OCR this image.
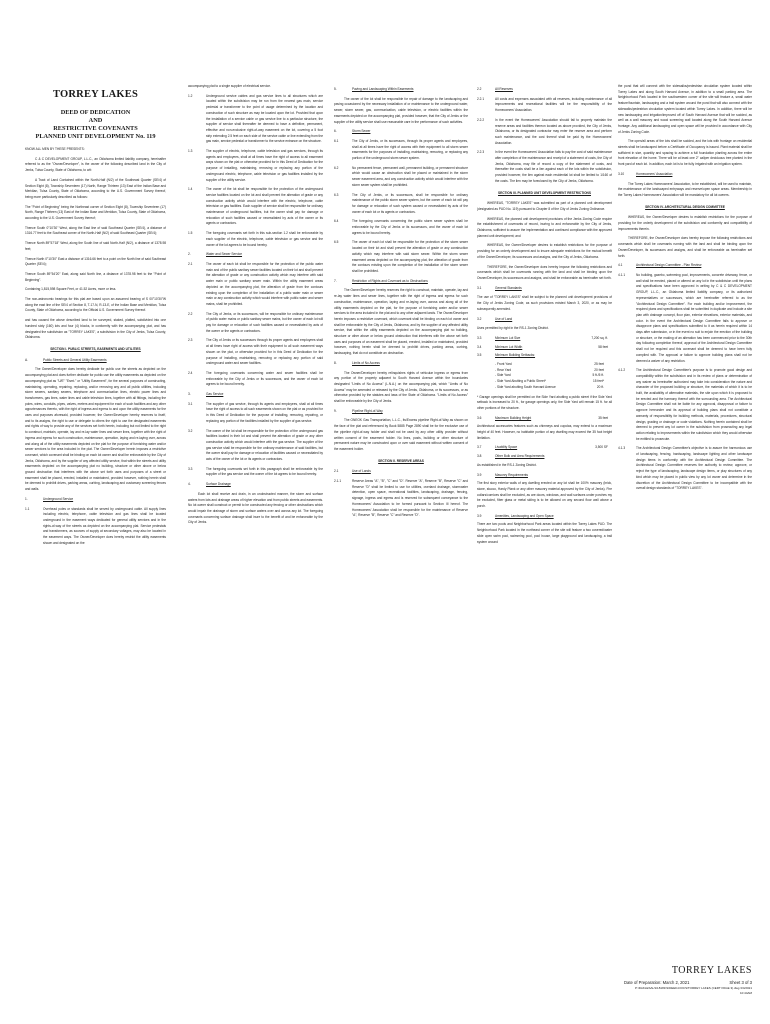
TORREY LAKES
DEED OF DEDICATION
AND
RESTRICTIVE COVENANTS
PLANNED UNIT DEVELOPMENT No. 119

KNOW ALL MEN BY THESE PRESENTS:

C & C DEVELOPMENT GROUP, L.L.C., an Oklahoma limited liability company, hereinafter referred to as the "Owner/Developer", is the owner of the following described land in the City of Jenks, Tulsa County, State of Oklahoma, to wit:

A Tract of Land Contained within the North-Half (N/2) of the Southeast Quarter (SE/4) of Section Eight (8), Township Seventeen (17) North, Range Thirteen (13) East of the Indian Base and Meridian, Tulsa County, State of Oklahoma, according to the U.S. Government Survey thereof, being more particularly described as follows:

The "Point of Beginning" being the Northeast corner of Section Eight (8), Township Seventeen (17) North, Range Thirteen (13) East of the Indian Base and Meridian, Tulsa County, State of Oklahoma, according to the U.S. Government Survey thereof;

Thence South 0°10'30" West, along the East line of said Southeast Quarter (SE/4), a distance of 1316.77 feet to the Southeast corner of the North-Half (N/2) of said Southeast Quarter (SE/4);

Thence North 89°57'18" West, along the South line of said North-Half (N/2), a distance of 1378.98 feet;

Thence North 0°10'30" East a distance of 1316.66 feet to a point on the North line of said Southeast Quarter (SE/4);

Thence South 89°54'20" East, along said North line, a distance of 1378.98 feet to the "Point of Beginning".

Containing 1,815,598 Square Feet, or 41.52 Acres, more or less.

The non-astronomic bearings for this plat are based upon an assumed bearing of S 00°10'30"W along the east line of the SE/4 of Section 8, T-17-N, R-13-E, of the Indian Base and Meridian, Tulsa County, State of Oklahoma, according to the Official U.S. Government Survey thereof.

and has caused the above described land to be surveyed, staked, platted, subdivided into one hundred sixty (160) lots and four (4) blocks, in conformity with the accompanying plat, and has designated the subdivision as "TORREY LAKES", a subdivision in the City of Jenks, Tulsa County, Oklahoma.

SECTION I. PUBLIC STREETS, EASEMENTS AND UTILITIES
A.	Public Streets and General Utility Easements

The Owner/Developer does hereby dedicate for public use the streets as depicted on the accompanying plat and does further dedicate for public use the utility easements as depicted on the accompanying plat as "U/E" "Esmt." or "Utility Easement", for the several purposes of constructing, maintaining, operating, repairing, replacing, and/or removing any and all public utilities, including storm sewers, sanitary sewers, telephone and communication lines, electric power lines and transformers, gas lines, water lines and cable television lines, together with all fittings, including the poles, wires, conduits, pipes, valves, meters and equipment for each of such facilities and any other appurtenances thereto, with the right of ingress and egress to and upon the utility easements for the uses and purposes aforesaid, provided however, the Owner/Developer hereby reserves to itself, and to its assigns, the right to use or delegate to others the right to use the designated easements and rights of way to provide any of the services set forth herein, including but not limited to the right to construct, maintain, operate, lay and re-lay water lines and sewer lines, together with the right of ingress and egress for such construction, maintenance, operation, laying and re-laying over, across and along all of the utility easements depicted on the plat for the purpose of furnishing water and/or sewer services to the area included in the plat. The Owner/Developer herein imposes a restrictive covenant, which covenant shall be binding on each lot owner and shall be enforceable by the City of Jenks, Oklahoma, and by the supplier of any affected utility service, that within the streets and utility easements depicted on the accompanying plat no building, structure or other above or below ground obstruction that interferes with the above set forth uses and purposes of a street or easement shall be placed, erected, installed or maintained, provided however, nothing herein shall be deemed to prohibit drives, parking areas, curbing, landscaping and customary screening fences and walls.

1.	Underground Service
1.1	Overhead poles or standards shall be served by underground cable. All supply lines including electric, telephone, cable television and gas lines shall be located underground in the easement ways dedicated for general utility services and in the rights-of-way of the streets as depicted on the accompanying plat. Service pedestals and transformers, as sources of supply at secondary voltages, may also be located in the easement ways. The Owner/Developer does hereby restrict the utility easements shown and designated on the

accompanying plat to a single supplier of electrical service.

1.2	Underground service cables and gas service lines to all structures which are located within the subdivision may be run from the nearest gas main, service pedestal or transformer to the point of usage determined by the location and construction of such structure as may be located upon the lot. Provided that upon the installation of a service cable or gas service line to a particular structure, the supplier of service shall thereafter be deemed to have a definitive, permanent, effective and non-exclusive right-of-way easement on the lot, covering a 5 foot strip extending 2.5 feet on each side of the service cable or line extending from the gas main, service pedestal or transformer to the service entrance on the structure.
1.3	The supplier of electric, telephone, cable television and gas services, through its agents and employees, shall at all times have the right of access to all easement ways shown on the plat or otherwise provided for in this Deed of Dedication for the purpose of installing, maintaining, removing or replacing any portion of the underground electric, telephone, cable television or gas facilities installed by the supplier of the utility service.
1.4	The owner of the lot shall be responsible for the protection of the underground service facilities located on the lot and shall prevent the alteration of grade or any construction activity which would interfere with the electric, telephone, cable television or gas facilities. Each supplier of service shall be responsible for ordinary maintenance of underground facilities, but the owner shall pay for damage or relocation of such facilities caused or necessitated by acts of the owner or its agents or contractors.
1.5	The foregoing covenants set forth in this sub-section 1.2 shall be enforceable by each supplier of the electric, telephone, cable television or gas service and the owner of the lot agrees to be bound hereby.
2.	Water and Sewer Service
2.1	The owner of each lot shall be responsible for the protection of the public water main and of the public sanitary sewer facilities located on their lot and shall prevent the alteration of grade or any construction activity which may interfere with said water main or public sanitary sewer main. Within the utility easement areas depicted on the accompanying plat, the alteration of grade from the contours existing upon the completion of the installation of a public water main or sewer main or any construction activity which would interfere with public water and sewer mains, shall be prohibited.
2.2	The City of Jenks, or its successors, will be responsible for ordinary maintenance of public water mains or public sanitary sewer mains, but the owner of each lot will pay for damage or relocation of such facilities caused or necessitated by acts of the owner or the agents or contractors.
2.3	The City of Jenks or its successors through its proper agents and employees shall at all times have right of access with their equipment to all such easement ways shown on the plat, or otherwise provided for in this Deed of Dedication for the purpose of installing, maintaining, removing or replacing any portion of said underground water and sewer facilities.
2.4	The foregoing covenants concerning water and sewer facilities shall be enforceable by the City of Jenks or its successors, and the owner of each lot agrees to be bound hereby.
3.	Gas Service
3.1	The supplier of gas service, through its agents and employees, shall at all times have the right of access to all such easements shown on the plat or as provided for in this Deed of Dedication for the purpose of installing, removing, repairing, or replacing any portion of the facilities installed by the supplier of gas service.
3.2	The owner of the lot shall be responsible for the protection of the underground gas facilities located in their lot and shall prevent the alteration of grade or any other construction activity which would interfere with the gas service. The supplier of the gas service shall be responsible for the ordinary maintenance of said facilities, but the owner shall pay for damage or relocation of facilities caused or necessitated by acts of the owner of the lot or its agents or contractors.
3.3	The foregoing covenants set forth in this paragraph shall be enforceable by the supplier of the gas service and the owner of the lot agrees to be bound hereby.
4.	Surface Drainage

Each lot shall receive and drain, in an unobstructed manner, the storm and surface waters from lots and drainage areas of higher elevation and from public streets and easements. No lot owner shall construct or permit to be constructed any fencing or other obstructions which would impair the drainage of storm and surface waters over and across any lot. The foregoing covenants concerning surface drainage shall inure to the benefit of and be enforceable by the City of Jenks.

5.	Paving and Landscaping Within Easements

The owner of the lot shall be responsible for repair of damage to the landscaping and paving occasioned by the necessary installation of or maintenance to the underground water, sewer, storm sewer, gas, communication, cable television, or electric facilities within the easements depicted on the accompanying plat, provided however, that the City of Jenks or the supplier of the utility service shall use reasonable care in the performance of such activities.

6.	Storm Sewer
6.1	The City of Jenks, or its successors, through its proper agents and employees, shall at all times have the right of access with their equipment to all storm sewer easements for the purposes of installing, maintaining, removing, or replacing any portion of the underground storm sewer system.
6.2	No permanent fence, permanent wall, permanent building, or permanent structure which would cause an obstruction shall be placed or maintained in the storm sewer easement area, and any construction activity which would interfere with the storm sewer system shall be prohibited.
6.3	The City of Jenks, or its successors, shall be responsible for ordinary maintenance of the public storm sewer system, but the owner of each lot will pay for damage or relocation of such system caused or necessitated by acts of the owner of each lot or its agents or contractors.
6.4	The foregoing covenants concerning the public storm sewer system shall be enforceable by the City of Jenks or its successors, and the owner of each lot agrees to be bound hereby.
6.5	The owner of each lot shall be responsible for the protection of the storm sewer located on their lot and shall prevent the alteration of grade or any construction activity which may interfere with said storm sewer. Within the storm sewer easement areas depicted on the accompanying plat, the alteration of grade from the contours existing upon the completion of the installation of the storm sewer shall be prohibited.
7.	Restriction of Rights and Covenant as to Obstructions

The Owner/Developer hereby reserves the right to construct, maintain, operate, lay and re-lay water lines and sewer lines, together with the right of ingress and egress for such construction, maintenance, operation, laying and re-laying over, across and along all of the utility easements depicted on the plat, for the purpose of furnishing water and/or sewer services to the area included in the plat and to any other adjacent lands. The Owner/Developer herein imposes a restrictive covenant, which covenant shall be binding on each lot owner and shall be enforceable by the City of Jenks, Oklahoma, and by the supplier of any affected utility service, that within the utility easements depicted on the accompanying plat no building, structure or other above or below ground obstruction that interferes with the above set forth uses and purposes of an easement shall be placed, erected, installed or maintained, provided however, nothing herein shall be deemed to prohibit drives, parking areas, curbing, landscaping, that do not constitute an obstruction.

8.	Limits of No Access

The Owner/Developer hereby relinquishes rights of vehicular ingress or egress from any portion of the property adjacent to South Harvard Avenue within the boundaries designated "Limits of No Access" (L.N.A.) on the accompanying plat, which "Limits of No Access" may be amended or released by the City of Jenks, Oklahoma, or its successors, or as otherwise provided by the statutes and laws of the State of Oklahoma. "Limits of No Access" shall be enforceable by the City of Jenks.

9.	Pipeline Right-of-Way

The ONEOK Gas Transportation, L.L.C., its/Excess pipeline Right-of-Way as shown on the face of the plat and referenced by Book 5885 Page 2890 shall be for the exclusive use of the pipeline right-of-way holder and shall not be used by any other utility provider without written consent of the easement holder. No lines, posts, building or other structure of permanent nature may be constructed upon or over said easement without written consent of the easement holder.

SECTION II. RESERVE AREAS
2.1	Use of Lands
2.1.1	Reserve Areas "A", "B", "C" and "D". Reserve "A", Reserve "B", Reserve "C" and Reserve "D" shall be limited to use for utilities, overland drainage, stormwater detention, open space, recreational facilities, landscaping, drainage, fencing, signage, ingress and egress and is reserved for subsequent conveyance to the Homeowners' Association to be formed pursuant to Section III hereof. The Homeowners' Association shall be responsible for the maintenance of Reserve "A", Reserve "B", Reserve "C" and Reserve "D".
2.2	All Reserves
2.2.1	All costs and expenses associated with all reserves, including maintenance of all improvements and recreational facilities will be the responsibility of the Homeowners' Association.
2.2.2	In the event the Homeowners' Association should fail to properly maintain the reserve areas and facilities thereon located as above provided, the City of Jenks, Oklahoma, or its designated contractor may enter the reserve area and perform such maintenance, and the cost thereof shall be paid by the Homeowners' Association.
2.2.3	In the event the Homeowners' Association fails to pay the cost of said maintenance after completion of the maintenance and receipt of a statement of costs, the City of Jenks, Oklahoma, may file of record a copy of the statement of costs, and thereafter the costs shall be a lien against each of the lots within the subdivision, provided however, the lien against each residential lot shall be limited to 1/160 of the costs. The lien may be foreclosed by the City of Jenks, Oklahoma.
SECTION III. PLANNED UNIT DEVELOPMENT RESTRICTIONS

WHEREAS, "TORREY LAKES" was submitted as part of a planned unit development (designated as PUD No. 119) pursuant to Chapter 8 of the City of Jenks Zoning Ordinance.

WHEREAS, the planned unit development provisions of the Jenks Zoning Code require the establishment of covenants of record, inuring to and enforceable by the City of Jenks, Oklahoma, sufficient to assure the implementation and continued compliance with the approved planned unit development; and

WHEREAS, the Owner/Developer desires to establish restrictions for the purpose of providing for an orderly development and to insure adequate restrictions for the mutual benefit of the Owner/Developer, its successors and assigns, and the City of Jenks, Oklahoma.

THEREFORE, the Owner/Developer does hereby impose the following restrictions and covenants which shall be covenants running with the land and shall be binding upon the Owner/Developer, its successors and assigns, and shall be enforceable as hereinafter set forth.

3.1	General Standards

The use of "TORREY LAKES" shall be subject to the planned unit development provisions of the City of Jenks Zoning Code, as such provisions existed March 3, 2020, or as may be subsequently amended.

3.2	Use of Land

Uses permitted by right in the RS-1 Zoning District.

3.3	Minimum Lot Size	7,200 sq. ft.
3.4	Minimum Lot Width	58 feet
3.5	Minimum Building Setbacks:
- Front Yard	25 feet
- Rear Yard	20 feet
- Side Yard	5 ft./5 ft.
- Side Yard Abutting a Public Street*	15 feet*
- Side Yard abutting South Harvard Avenue	20 ft.

* Garage openings shall be permitted on the Side Yard abutting a public street if the Side Yard setback is increased to 20 ft., for garage openings only, the Side Yard will remain 15 ft. for all other portions of the structure.

3.6	Maximum Building Height	35 feet

Architectural accessories features such as chimneys and cupolas, may extend to a maximum height of 40 feet. However, no habitable portion of any dwelling may exceed the 35 foot height limitation.

3.7	Livability Space	3,500 SF
3.8	Other Bulk and Area Requirements

As established in the RS-1 Zoning District.

3.9	Masonry Requirements

The first story exterior walls of any dwelling erected on any lot shall be 100% masonry (brick, stone, stucco, Hardy Plank or any other masonry material approved by the City of Jenks). Fire collars/cornices shall be excluded, as are doors, windows, and wall surfaces under porches my be excluded, fiber glass or metal siding is to be allowed on any second floor wall above a porch.

3.9	Amenities, Landscaping and Open Space

There are two pools and Neighborhood Park areas located within the Torrey Lakes PUD. The Neighborhood Park located in the northeast corner of the site will feature a two covered/water slide open swim pool, swimming pool, pool house, large playground and landscaping, a trail system around

the pond that will connect with the sidewalks/pedestrian circulation system located within Torrey Lakes and along South Harvard Avenue, in addition to a small parking area. The Neighborhood Park located in the southwestern corner of the site will feature a, small water feature/fountain, landscaping and a trail system around the pond that will also connect with the sidewalks/pedestrian circulation system located within Torrey Lakes. In addition, there will be new landscaping and irrigation/improved off of South Harvard Avenue that will be sodded, as well as a wall masonry and wood screening wall located along the South Harvard Avenue frontage. Any additional landscaping and open space will be provided in accordance with City of Jenks Zoning Code.

The open/all areas of the lots shall be sodded, and the lots with frontage on residential streets shall be landscaped before a Certificate of Occupancy is issued. Plant material shall be sufficient in size, quantity and spacing to achieve a full foundation planting across the entire front elevation of the home. There will be at least one 2" caliper deciduous tree planted in the front yard of each lot. In addition, each lot is to be fully irrigated with an irrigation system.

3.10	Homeowners' Association

The Torrey Lakes Homeowners' Association, to be established, will be used to maintain, the maintenance of the landscaped entryways and reserve/open space areas. Membership in the Torrey Lakes Homeowners' Association will be mandatory for all lot owners.

SECTION IV. ARCHITECTURAL DESIGN COMMITTEE

WHEREAS, the Owner/Developer desires to establish restrictions for the purpose of providing for the orderly development of the subdivision and conformity and compatibility of improvements therein.

THEREFORE, the Owner/Developer does hereby impose the following restrictions and covenants which shall be covenants running with the land and shall be binding upon the Owner/Developer, its successors and assigns, and shall be enforceable as hereinafter set forth.

4.1	Architectural Design Committee - Plan Review
4.1.1	No building, gazebo, swimming pool, improvements, concrete driveway, fence, or wall shall be erected, placed or altered on any lot in the subdivision until the plans and specifications have been approved in writing by C & C DEVELOPMENT GROUP, L.L.C., an Oklahoma limited liability company, or its authorized representatives or successors, which are hereinafter referred to as the "Architectural Design Committee". For each building and/or improvement, the required plans and specifications shall be submitted in duplicate and include a site plan with drainage concept, floor plan, exterior elevations, exterior materials, and color. In the event the Architectural Design Committee fails to approve or disapprove plans and specifications submitted to it as herein required within 14 days after submission, or in the event no suit to enjoin the erection of the building or structure, or the making of an alteration has been commenced prior to the 30th day following completion thereof, approval of the Architectural Design Committee shall not be required and this covenant shall be deemed to have been fully complied with. The approval or failure to approve building plans shall not be deemed a waiver of any restriction.
4.1.2	The Architectural Design Committee's purpose is to promote good design and compatibility within the subdivision and in its review of plans or determination of any waiver as hereinafter authorized may take into consideration the nature and character of the proposed building or structure, the materials of which it is to be built, the availability of alternative materials, the site upon which it is proposed to be erected and the harmony thereof with the surrounding area. The Architectural Design Committee shall not be liable for any approval, disapproval or failure to approve hereunder and its approval of building plans shall not constitute a warranty of responsibility for building methods, materials, procedures, structural design, grading or drainage or code violations. Nothing herein contained shall be deemed to prevent any lot owner in the subdivision from prosecuting any legal action relating to improvements within the subdivision which they would otherwise be entitled to prosecute.
4.1.3	The Architectural Design Committee's objective is to assure the harmonious use of landscaping, fencing, hardscaping, landscape lighting and other landscape design items in conformity with the Architectural Design Committee. The Architectural Design Committee reserves the authority to review, approve, or reject the type of landscaping, landscape design items, or play structures of any kind which may be placed in public view by any lot owner and determine in the discretion of the Architectural Design Committee to be incompatible with the overall design standards of "TORREY LAKES".
TORREY LAKES
Date of Preparation: March 2, 2021	Sheet 3 of 3
P:\DAKLESALS\18181\S\DEED-DOCS\TORREY LAKES (CERT PAGE 3).dwg 3/4/2021 10:44AM
